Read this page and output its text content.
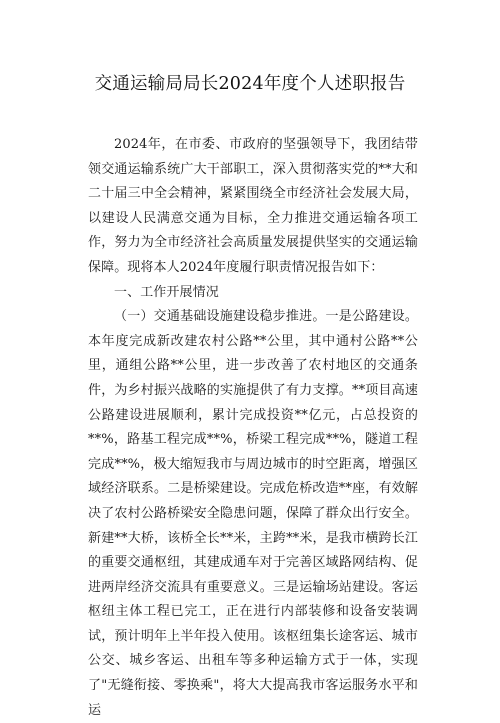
交通运输局局长2024年度个人述职报告

2024年，在市委、市政府的坚强领导下，我团结带领交通运输系统广大干部职工，深入贯彻落实党的**大和二十届三中全会精神，紧紧围绕全市经济社会发展大局，以建设人民满意交通为目标，全力推进交通运输各项工作，努力为全市经济社会高质量发展提供坚实的交通运输保障。现将本人2024年度履行职责情况报告如下：

一、工作开展情况

（一）交通基础设施建设稳步推进。一是公路建设。本年度完成新改建农村公路**公里，其中通村公路**公里，通组公路**公里，进一步改善了农村地区的交通条件，为乡村振兴战略的实施提供了有力支撑。**项目高速公路建设进展顺利，累计完成投资**亿元，占总投资的**%，路基工程完成**%，桥梁工程完成**%，隧道工程完成**%，极大缩短我市与周边城市的时空距离，增强区域经济联系。二是桥梁建设。完成危桥改造**座，有效解决了农村公路桥梁安全隐患问题，保障了群众出行安全。新建**大桥，该桥全长**米，主跨**米，是我市横跨长江的重要交通枢纽，其建成通车对于完善区域路网结构、促进两岸经济交流具有重要意义。三是运输场站建设。客运枢纽主体工程已完工，正在进行内部装修和设备安装调试，预计明年上半年投入使用。该枢纽集长途客运、城市公交、城乡客运、出租车等多种运输方式于一体，实现了"无缝衔接、零换乘"，将大大提高我市客运服务水平和运
